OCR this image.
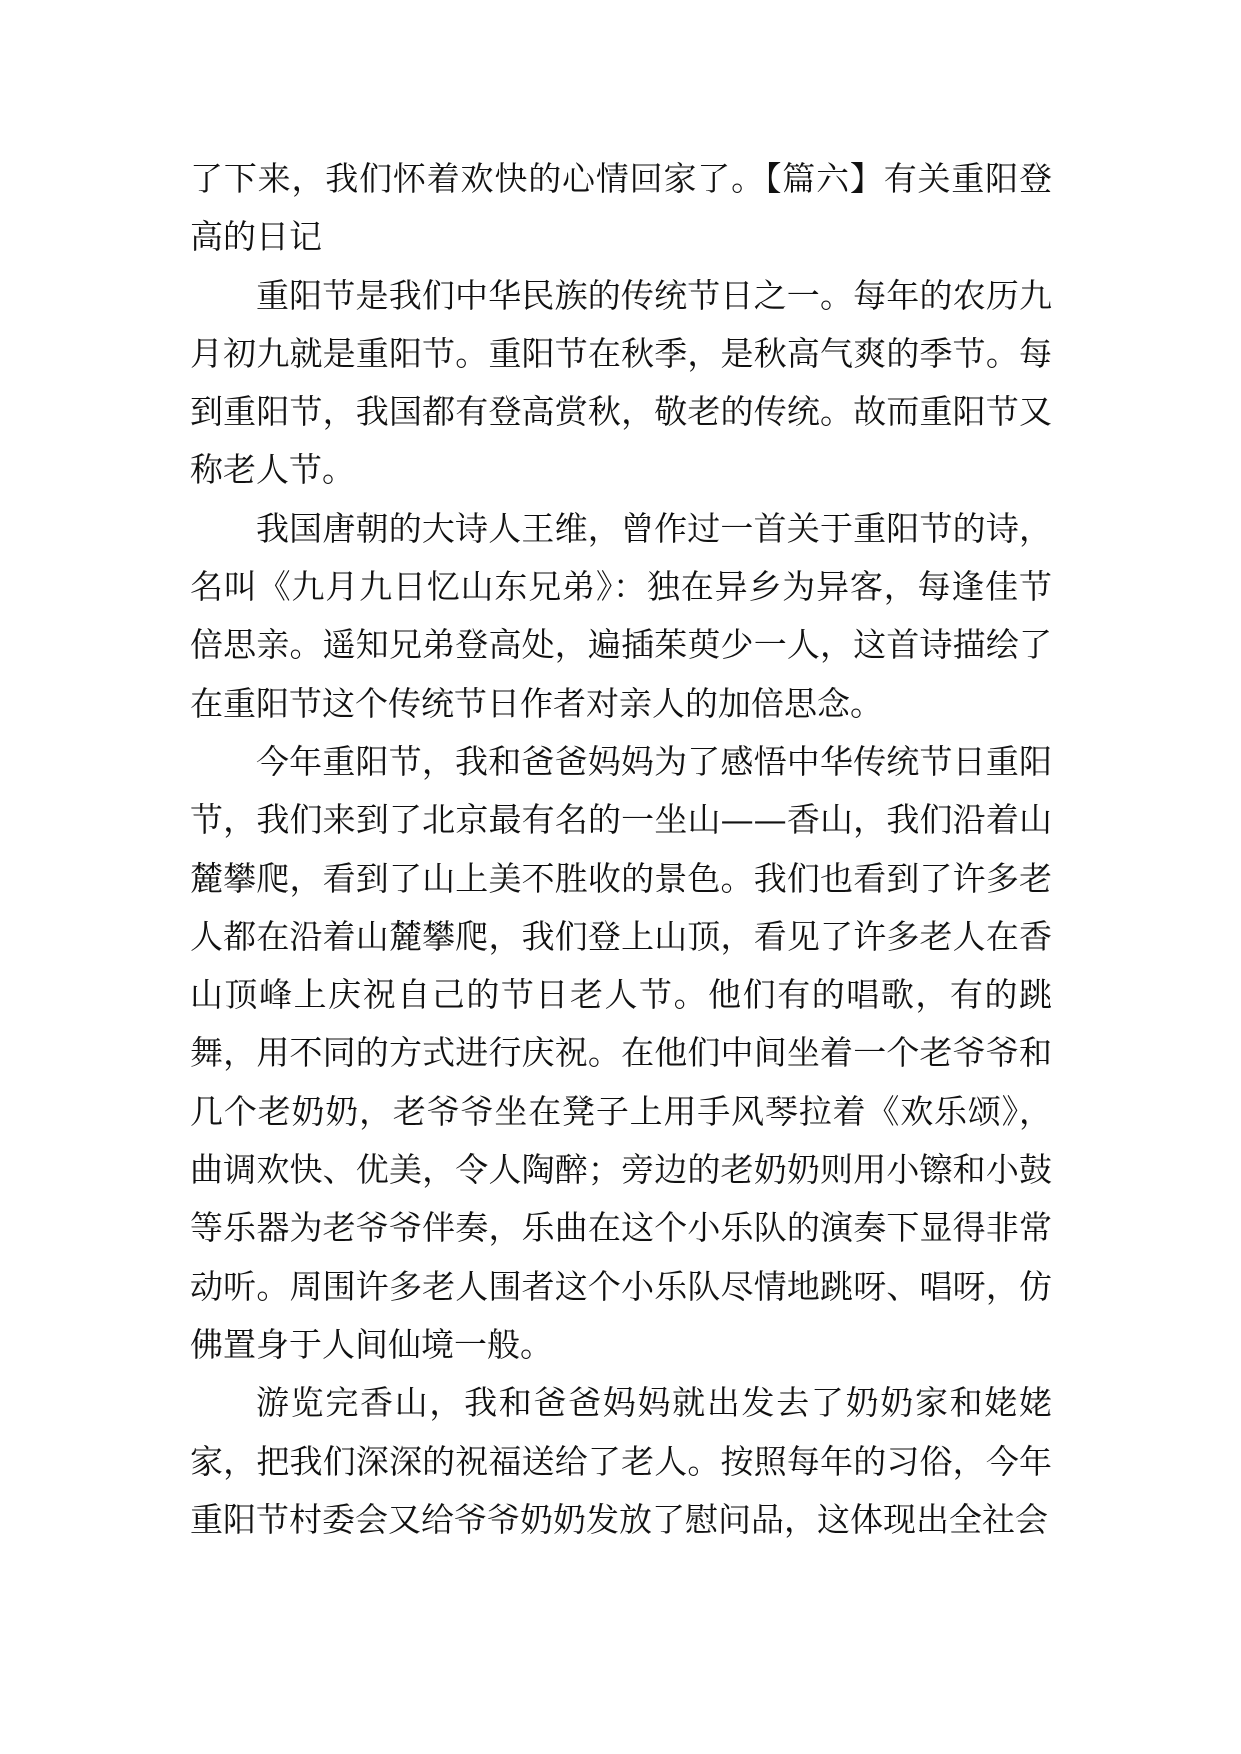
了下来，我们怀着欢快的心情回家了。【篇六】有关重阳登高的日记

重阳节是我们中华民族的传统节日之一。每年的农历九月初九就是重阳节。重阳节在秋季，是秋高气爽的季节。每到重阳节，我国都有登高赏秋，敬老的传统。故而重阳节又称老人节。

我国唐朝的大诗人王维，曾作过一首关于重阳节的诗，名叫《九月九日忆山东兄弟》：独在异乡为异客，每逢佳节倍思亲。遥知兄弟登高处，遍插茱萸少一人，这首诗描绘了在重阳节这个传统节日作者对亲人的加倍思念。

今年重阳节，我和爸爸妈妈为了感悟中华传统节日重阳节，我们来到了北京最有名的一坐山——香山，我们沿着山麓攀爬，看到了山上美不胜收的景色。我们也看到了许多老人都在沿着山麓攀爬，我们登上山顶，看见了许多老人在香山顶峰上庆祝自己的节日老人节。他们有的唱歌，有的跳舞，用不同的方式进行庆祝。在他们中间坐着一个老爷爷和几个老奶奶，老爷爷坐在凳子上用手风琴拉着《欢乐颂》，曲调欢快、优美，令人陶醉；旁边的老奶奶则用小镲和小鼓等乐器为老爷爷伴奏，乐曲在这个小乐队的演奏下显得非常动听。周围许多老人围者这个小乐队尽情地跳呀、唱呀，仿佛置身于人间仙境一般。

游览完香山，我和爸爸妈妈就出发去了奶奶家和姥姥家，把我们深深的祝福送给了老人。按照每年的习俗，今年重阳节村委会又给爷爷奶奶发放了慰问品，这体现出全社会
